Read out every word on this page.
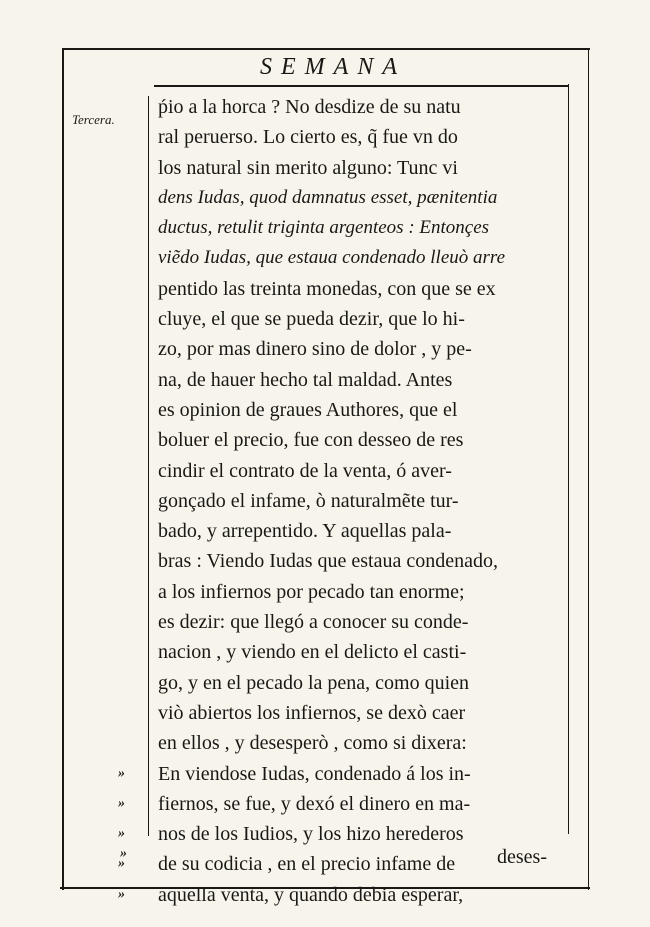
SEMANA
Tercera.
ṕio a la horca ? No desdize de su natu
ral peruerso. Lo cierto es, q̃ fue vn do
los natural sin merito alguno: Tunc vi
dens Iudas, quod damnatus esset, pænitentia
ductus, retulit triginta argenteos : Entonçes
viẽdo Iudas, que estaua condenado lleuò arre
pentido las treinta monedas, con que se ex
cluye, el que se pueda dezir, que lo hi-
zo, por mas dinero sino de dolor , y pe-
na, de hauer hecho tal maldad. Antes
es opinion de graues Authores, que el
boluer el precio, fue con desseo de res
cindir el contrato de la venta, ó aver-
gonçado el infame, ò naturalmẽte tur-
bado, y arrepentido. Y aquellas pala-
bras : Viendo Iudas que estaua condenado,
a los infiernos por pecado tan enorme;
es dezir: que llegó a conocer su conde-
nacion , y viendo en el delicto el casti-
go, y en el pecado la pena, como quien
viò abiertos los infiernos, se dexò caer
en ellos , y desesperò , como si dixera:
» En viendose Iudas, condenado á los in-
» fiernos, se fue, y dexó el dinero en ma-
» nos de los Iudios, y los hizo herederos
» de su codicia , en el precio infame de
» aquella venta, y quando debia esperar,
»	deses-
